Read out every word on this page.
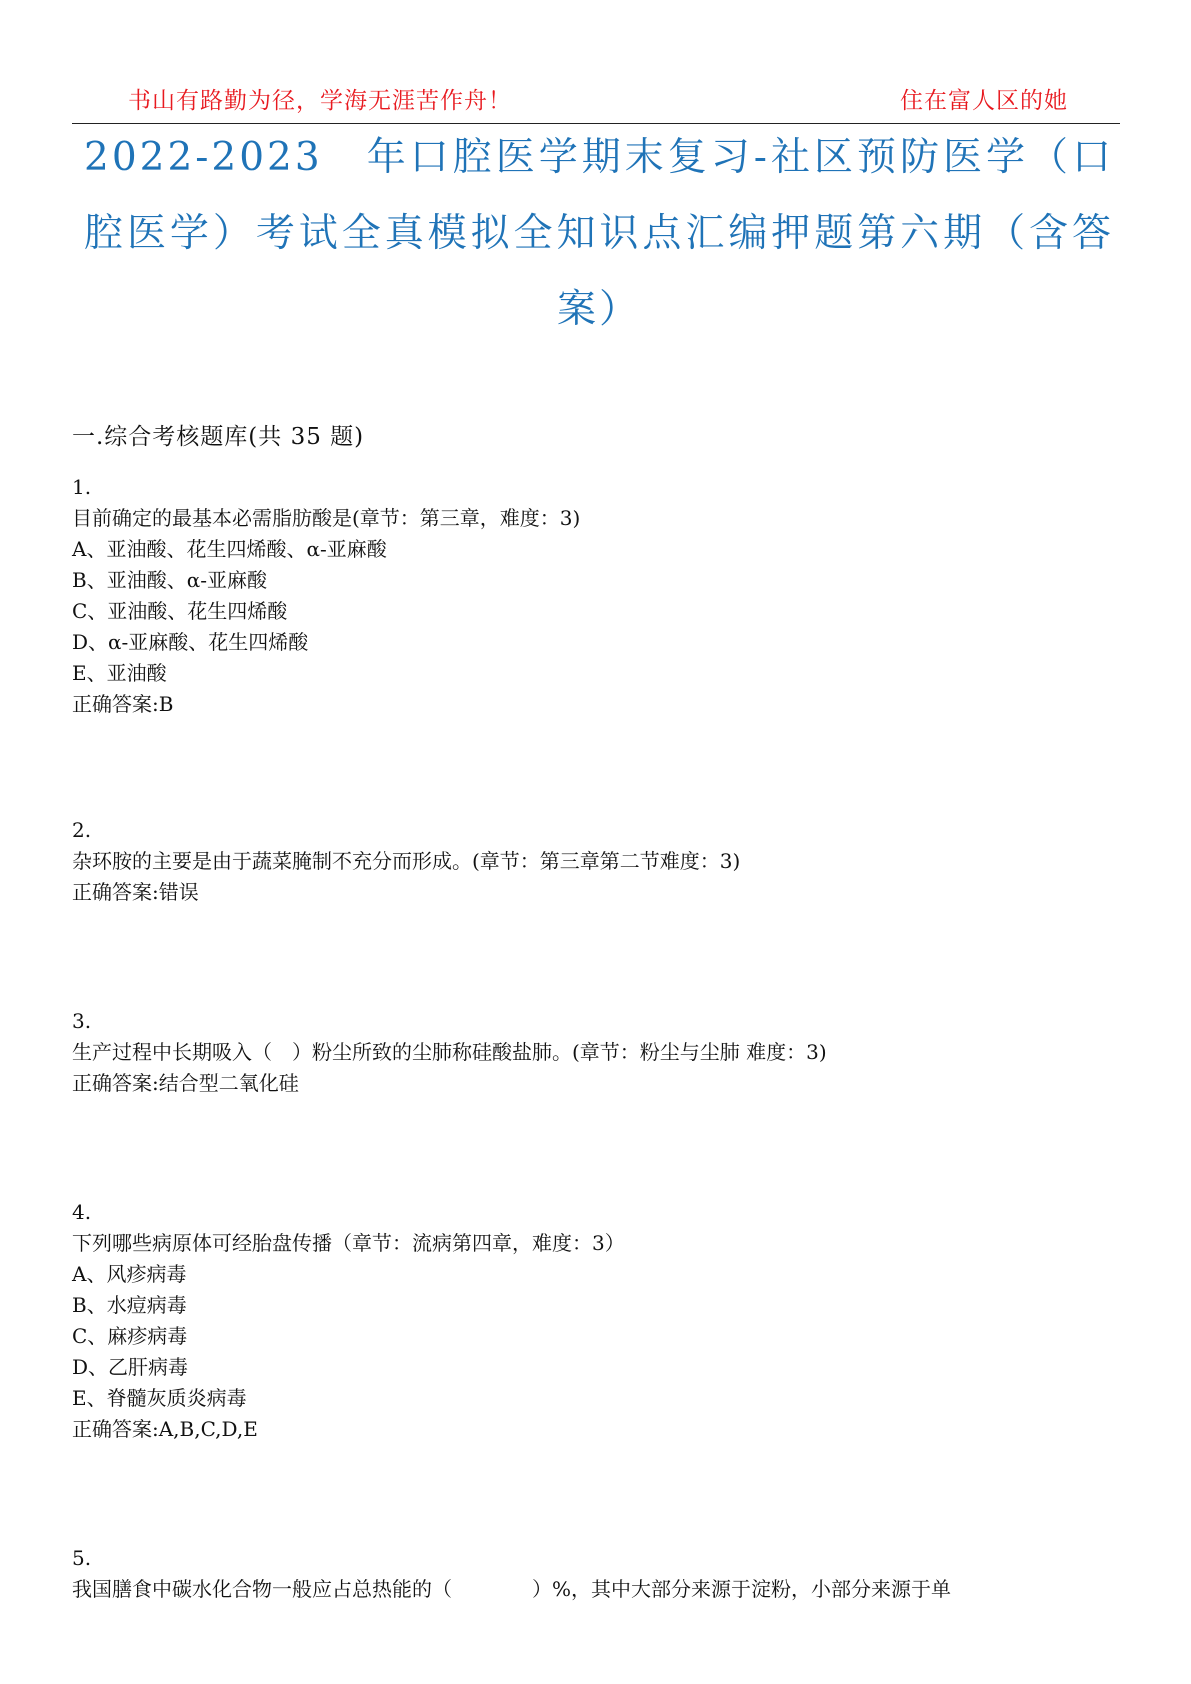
书山有路勤为径，学海无涯苦作舟！	住在富人区的她
2022-2023　年口腔医学期末复习-社区预防医学（口腔医学）考试全真模拟全知识点汇编押题第六期（含答案）
一.综合考核题库(共 35 题)

1.

目前确定的最基本必需脂肪酸是(章节：第三章，难度：3)

A、亚油酸、花生四烯酸、α-亚麻酸

B、亚油酸、α-亚麻酸

C、亚油酸、花生四烯酸

D、α-亚麻酸、花生四烯酸

E、亚油酸

正确答案:B

2.

杂环胺的主要是由于蔬菜腌制不充分而形成。(章节：第三章第二节难度：3)

正确答案:错误

3.

生产过程中长期吸入（　）粉尘所致的尘肺称硅酸盐肺。(章节：粉尘与尘肺 难度：3)

正确答案:结合型二氧化硅

4.

下列哪些病原体可经胎盘传播（章节：流病第四章，难度：3）

A、风疹病毒

B、水痘病毒

C、麻疹病毒

D、乙肝病毒

E、脊髓灰质炎病毒

正确答案:A,B,C,D,E

5.

我国膳食中碳水化合物一般应占总热能的（　　　　）%，其中大部分来源于淀粉，小部分来源于单
